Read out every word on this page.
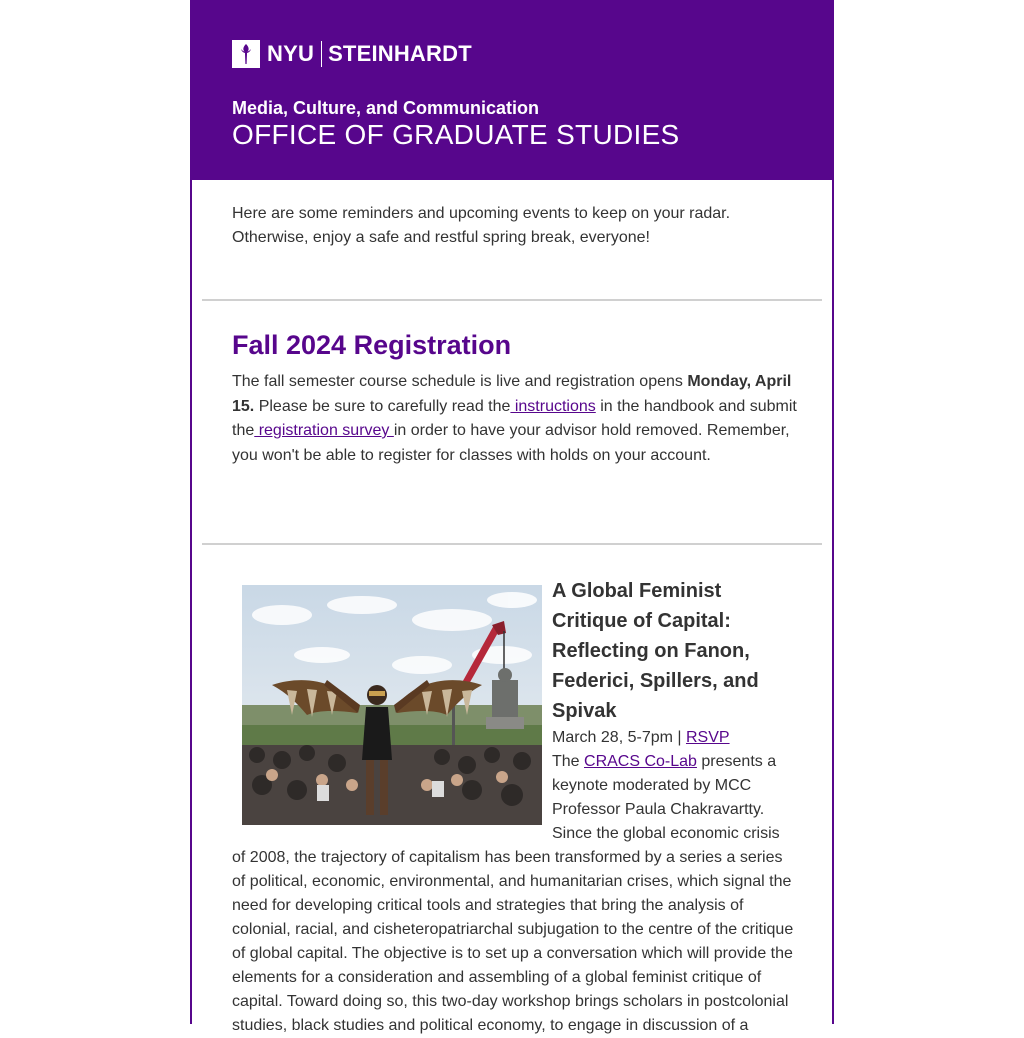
NYU STEINHARDT
Media, Culture, and Communication
OFFICE OF GRADUATE STUDIES
Here are some reminders and upcoming events to keep on your radar.
Otherwise, enjoy a safe and restful spring break, everyone!
Fall 2024 Registration
The fall semester course schedule is live and registration opens Monday, April 15. Please be sure to carefully read the instructions in the handbook and submit the registration survey in order to have your advisor hold removed. Remember, you won't be able to register for classes with holds on your account.
A Global Feminist Critique of Capital: Reflecting on Fanon, Federici, Spillers, and Spivak
March 28, 5-7pm | RSVP
The CRACS Co-Lab presents a keynote moderated by MCC Professor Paula Chakravartty. Since the global economic crisis of 2008, the trajectory of capitalism has been transformed by a series a series of political, economic, environmental, and humanitarian crises, which signal the need for developing critical tools and strategies that bring the analysis of colonial, racial, and cisheteropatriarchal subjugation to the centre of the critique of global capital. The objective is to set up a conversation which will provide the elements for a consideration and assembling of a global feminist critique of capital. Toward doing so, this two-day workshop brings scholars in postcolonial studies, black studies and political economy, to engage in discussion of a
